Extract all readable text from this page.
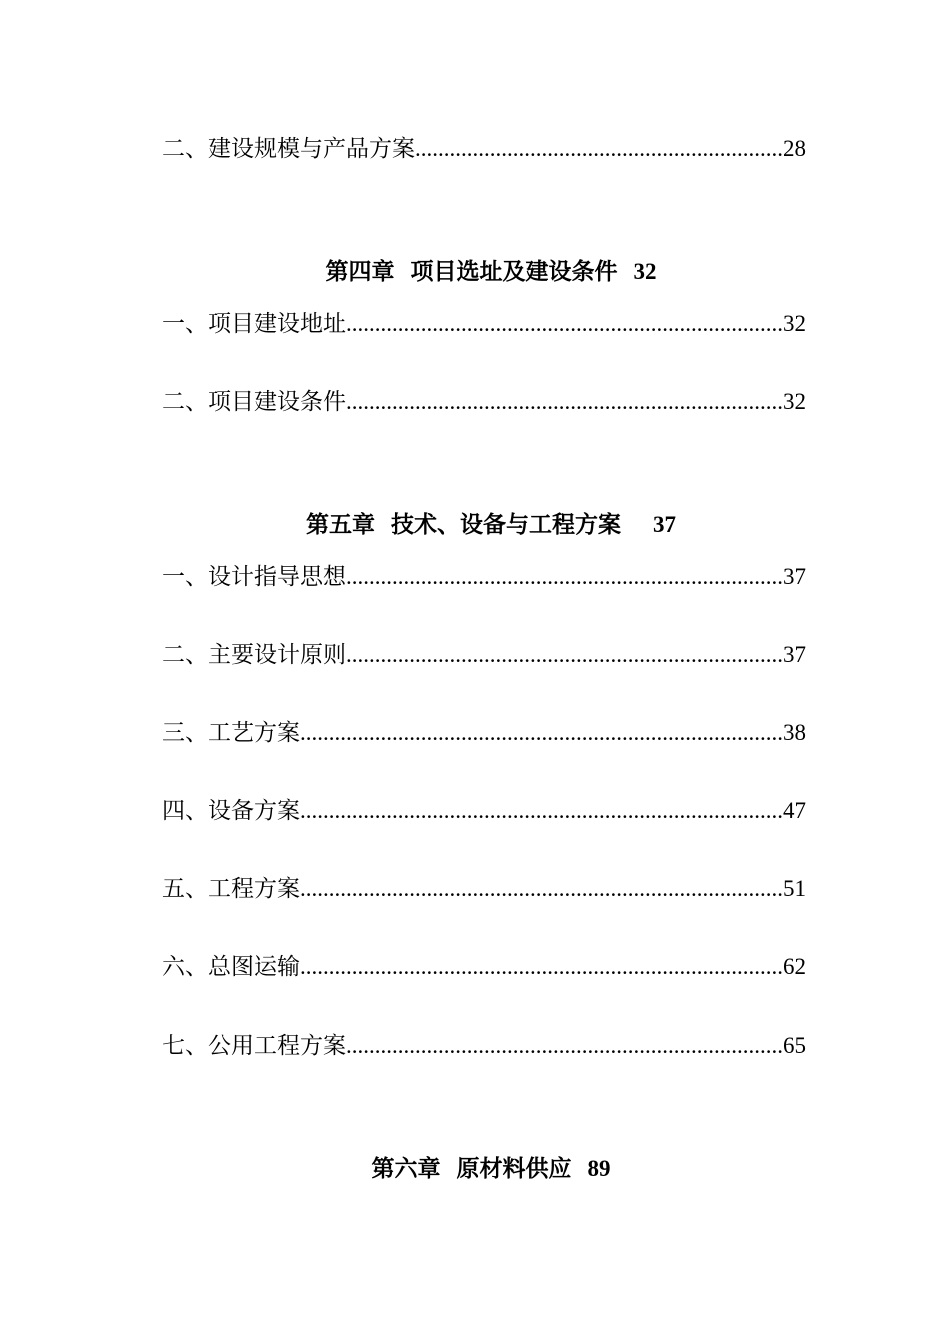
二、建设规模与产品方案 .....	28

第四章  项目选址及建设条件  32

一、项目建设地址 .....	32
二、项目建设条件 .....	32

第五章  技术、设备与工程方案    37

一、设计指导思想 .....	37
二、主要设计原则 .....	37
三、工艺方案 .....	38
四、设备方案 .....	47
五、工程方案 .....	51
六、总图运输 .....	62
七、公用工程方案 .....	65

第六章  原材料供应  89
